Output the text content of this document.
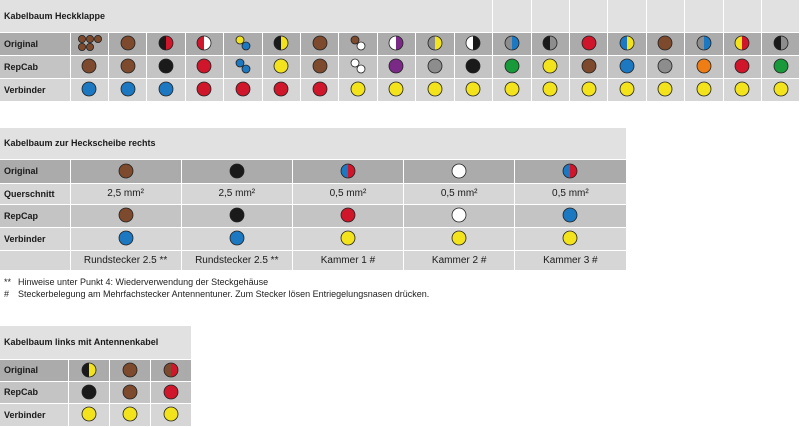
Kabelbaum Heckklappe																			
Original	

RepCab	

Verbinder	

Kabelbaum zur Heckscheibe rechts					
Original	

Querschnitt	2,5 mm²	2,5 mm²	0,5 mm²	0,5 mm²	0,5 mm²
RepCap	

Verbinder	

	Rundstecker 2.5 **	Rundstecker 2.5 **	Kammer 1 #	Kammer 2 #	Kammer 3 #
** Hinweise unter Punkt 4: Wiederverwendung der Steckgehäuse
# Steckerbelegung am Mehrfachstecker Antennentuner. Zum Stecker lösen Entriegelungsnasen drücken.
Kabelbaum links mit Antennenkabel			
Original	

RepCab	

Verbinder	
